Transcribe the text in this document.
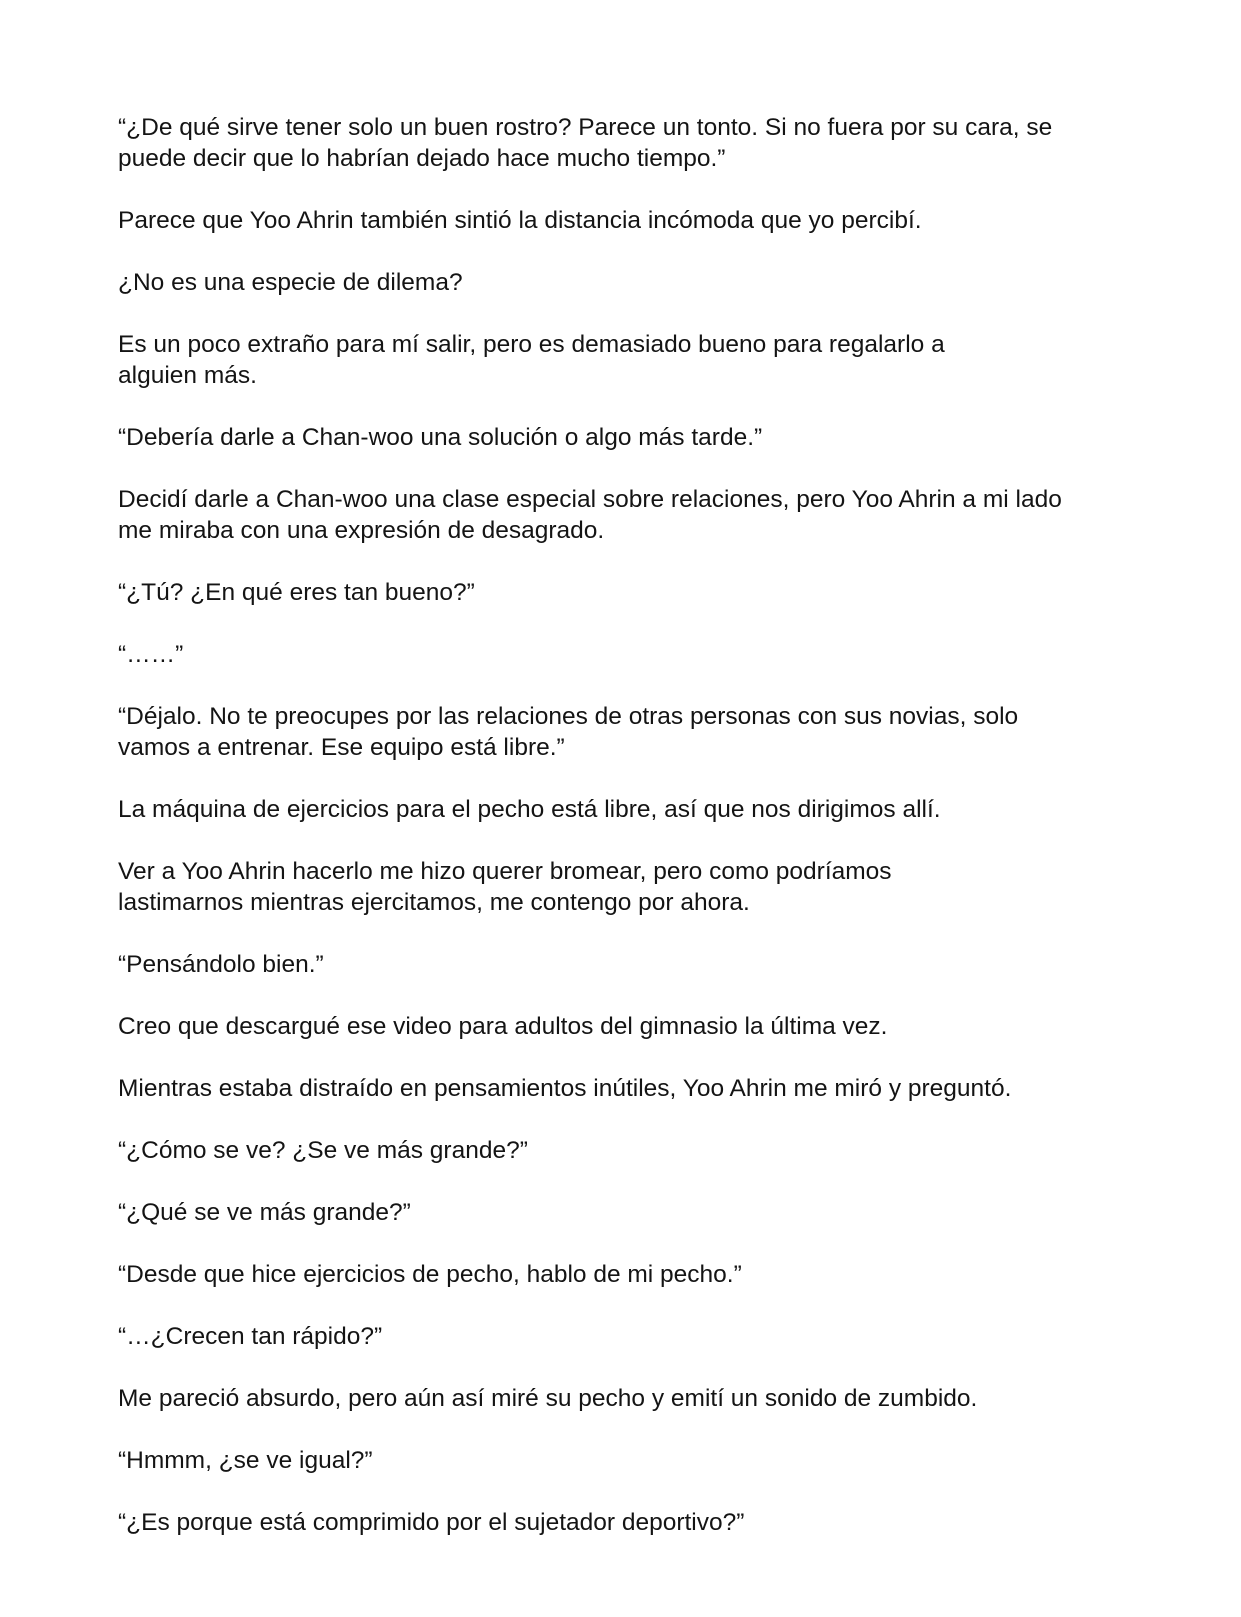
“¿De qué sirve tener solo un buen rostro? Parece un tonto. Si no fuera por su cara, se puede decir que lo habrían dejado hace mucho tiempo.”

Parece que Yoo Ahrin también sintió la distancia incómoda que yo percibí.

¿No es una especie de dilema?

Es un poco extraño para mí salir, pero es demasiado bueno para regalarlo a alguien más.

“Debería darle a Chan-woo una solución o algo más tarde.”

Decidí darle a Chan-woo una clase especial sobre relaciones, pero Yoo Ahrin a mi lado me miraba con una expresión de desagrado.

“¿Tú? ¿En qué eres tan bueno?”

“……”

“Déjalo. No te preocupes por las relaciones de otras personas con sus novias, solo vamos a entrenar. Ese equipo está libre.”

La máquina de ejercicios para el pecho está libre, así que nos dirigimos allí.

Ver a Yoo Ahrin hacerlo me hizo querer bromear, pero como podríamos lastimarnos mientras ejercitamos, me contengo por ahora.

“Pensándolo bien.”

Creo que descargué ese video para adultos del gimnasio la última vez.

Mientras estaba distraído en pensamientos inútiles, Yoo Ahrin me miró y preguntó.

“¿Cómo se ve? ¿Se ve más grande?”

“¿Qué se ve más grande?”

“Desde que hice ejercicios de pecho, hablo de mi pecho.”

“…¿Crecen tan rápido?”

Me pareció absurdo, pero aún así miré su pecho y emití un sonido de zumbido.

“Hmmm, ¿se ve igual?”

“¿Es porque está comprimido por el sujetador deportivo?”
